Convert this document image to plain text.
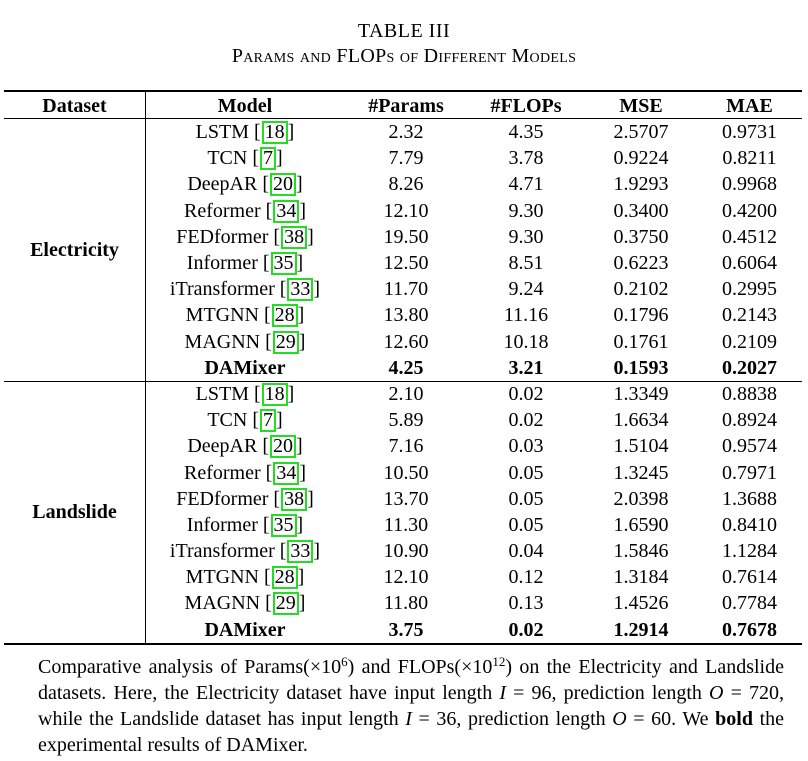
TABLE III
Params and FLOPs of Different Models
Dataset	Model	#Params	#FLOPs	MSE	MAE
Electricity	LSTM [ 18 ]	2.32	4.35	2.5707	0.9731
	TCN [ 7 ]	7.79	3.78	0.9224	0.8211
	DeepAR [ 20 ]	8.26	4.71	1.9293	0.9968
	Reformer [ 34 ]	12.10	9.30	0.3400	0.4200
	FEDformer [ 38 ]	19.50	9.30	0.3750	0.4512
	Informer [ 35 ]	12.50	8.51	0.6223	0.6064
	iTransformer [ 33 ]	11.70	9.24	0.2102	0.2995
	MTGNN [ 28 ]	13.80	11.16	0.1796	0.2143
	MAGNN [ 29 ]	12.60	10.18	0.1761	0.2109
	DAMixer	4.25	3.21	0.1593	0.2027
Landslide	LSTM [ 18 ]	2.10	0.02	1.3349	0.8838
	TCN [ 7 ]	5.89	0.02	1.6634	0.8924
	DeepAR [ 20 ]	7.16	0.03	1.5104	0.9574
	Reformer [ 34 ]	10.50	0.05	1.3245	0.7971
	FEDformer [ 38 ]	13.70	0.05	2.0398	1.3688
	Informer [ 35 ]	11.30	0.05	1.6590	0.8410
	iTransformer [ 33 ]	10.90	0.04	1.5846	1.1284
	MTGNN [ 28 ]	12.10	0.12	1.3184	0.7614
	MAGNN [ 29 ]	11.80	0.13	1.4526	0.7784
	DAMixer	3.75	0.02	1.2914	0.7678
Comparative analysis of $Params(\times 10^6)$ and $FLOPs(\times 10^{12})$ on the Electricity and Landslide datasets. Here, the Electricity dataset have input length I = 96, prediction length O = 720, while the Landslide dataset has input length I = 36, prediction length O = 60. We bold the experimental results of DAMixer.
